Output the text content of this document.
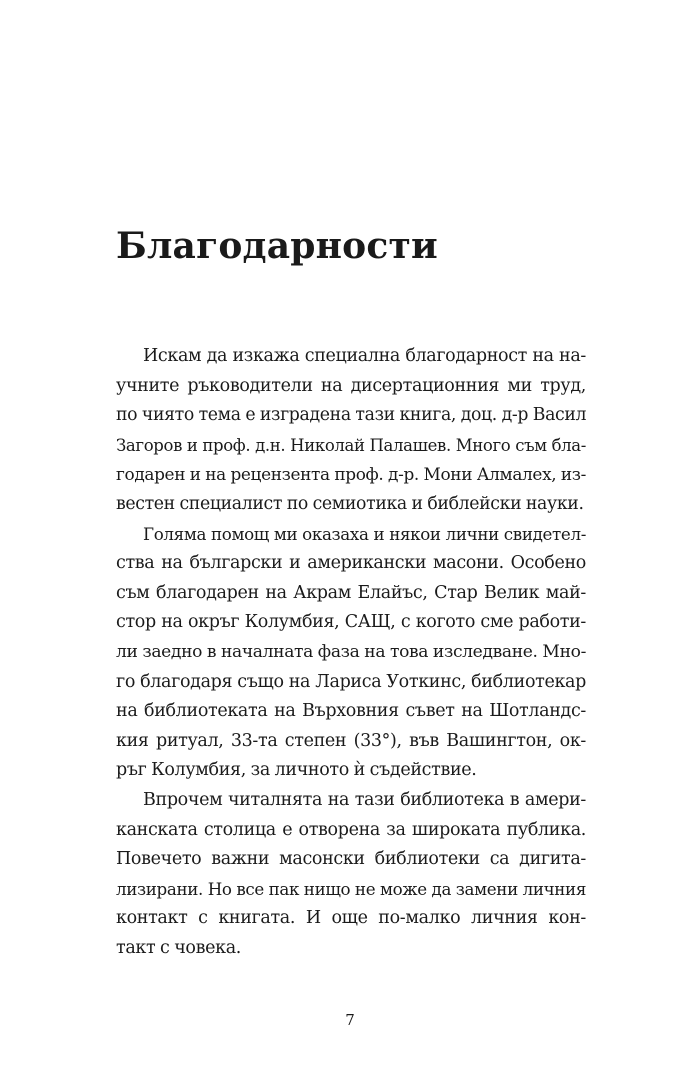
Благодарности
Искам да изкажа специална благодарност на на-
учните ръководители на дисертационния ми труд,
по чиято тема е изградена тази книга, доц. д-р Васил
Загоров и проф. д.н. Николай Палашев. Много съм бла-
годарен и на рецензента проф. д-р. Мони Алмалех, из-
вестен специалист по семиотика и библейски науки.
Голяма помощ ми оказаха и някои лични свидетел-
ства на български и американски масони. Особено
съм благодарен на Акрам Елайъс, Стар Велик май-
стор на окръг Колумбия, САЩ, с когото сме работи-
ли заедно в началната фаза на това изследване. Мно-
го благодаря също на Лариса Уоткинс, библиотекар
на библиотеката на Върховния съвет на Шотландс-
кия ритуал, 33-та степен (33°), във Вашингтон, ок-
ръг Колумбия, за личното ѝ съдействие.
Впрочем читалнята на тази библиотека в амери-
канската столица е отворена за широката публика.
Повечето важни масонски библиотеки са дигита-
лизирани. Но все пак нищо не може да замени личния
контакт с книгата. И още по-малко личния кон-
такт с човека.
7
